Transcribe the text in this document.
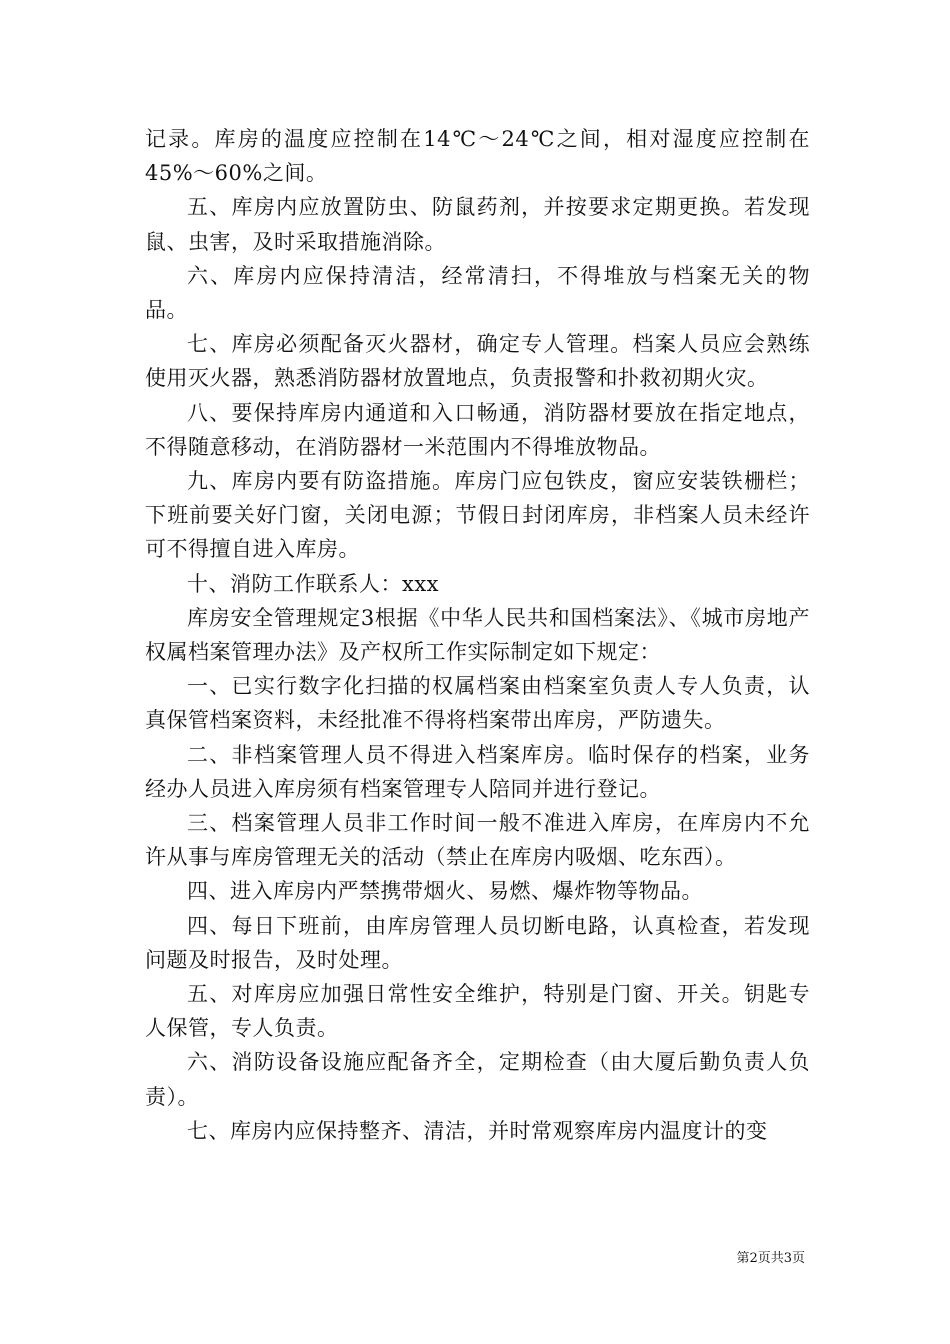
记录。库房的温度应控制在14℃～24℃之间，相对湿度应控制在45%～60%之间。

五、库房内应放置防虫、防鼠药剂，并按要求定期更换。若发现鼠、虫害，及时采取措施消除。

六、库房内应保持清洁，经常清扫，不得堆放与档案无关的物品。

七、库房必须配备灭火器材，确定专人管理。档案人员应会熟练使用灭火器，熟悉消防器材放置地点，负责报警和扑救初期火灾。

八、要保持库房内通道和入口畅通，消防器材要放在指定地点，不得随意移动，在消防器材一米范围内不得堆放物品。

九、库房内要有防盗措施。库房门应包铁皮，窗应安装铁栅栏；下班前要关好门窗，关闭电源；节假日封闭库房，非档案人员未经许可不得擅自进入库房。

十、消防工作联系人：xxx

库房安全管理规定3根据《中华人民共和国档案法》、《城市房地产权属档案管理办法》及产权所工作实际制定如下规定：

一、已实行数字化扫描的权属档案由档案室负责人专人负责，认真保管档案资料，未经批准不得将档案带出库房，严防遗失。

二、非档案管理人员不得进入档案库房。临时保存的档案，业务经办人员进入库房须有档案管理专人陪同并进行登记。

三、档案管理人员非工作时间一般不准进入库房，在库房内不允许从事与库房管理无关的活动（禁止在库房内吸烟、吃东西）。

四、进入库房内严禁携带烟火、易燃、爆炸物等物品。

四、每日下班前，由库房管理人员切断电路，认真检查，若发现问题及时报告，及时处理。

五、对库房应加强日常性安全维护，特别是门窗、开关。钥匙专人保管，专人负责。

六、消防设备设施应配备齐全，定期检查（由大厦后勤负责人负责）。

七、库房内应保持整齐、清洁，并时常观察库房内温度计的变

第2页共3页
